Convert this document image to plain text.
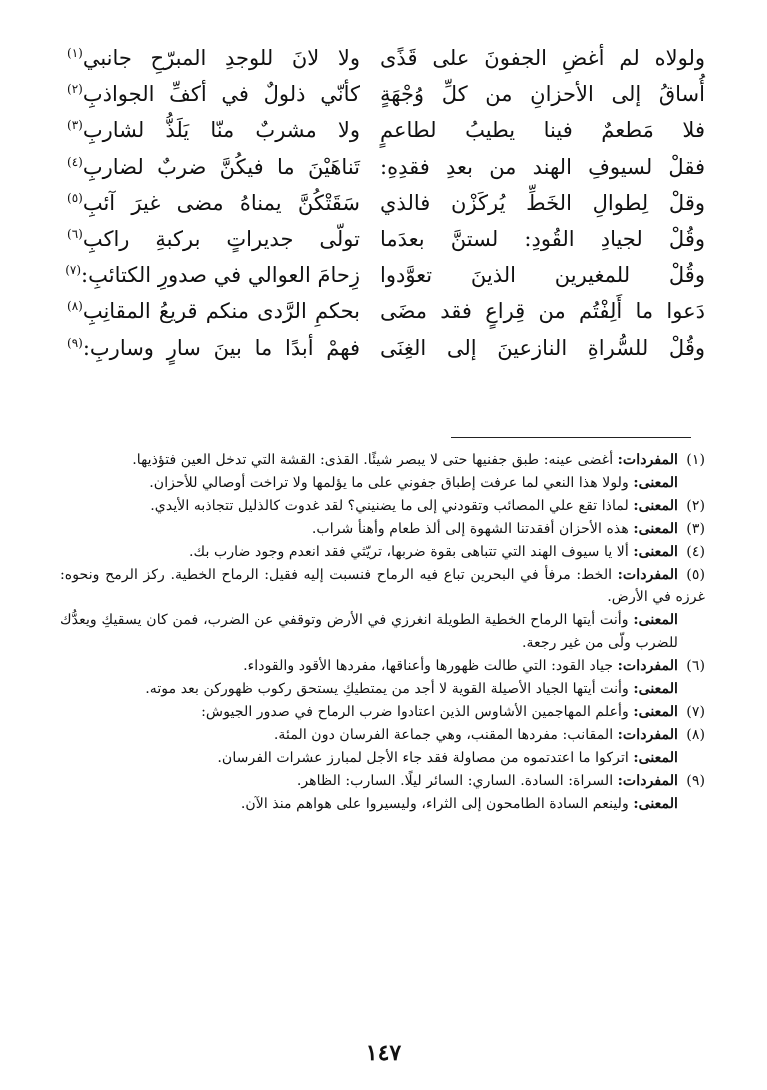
ولولاه لم أغضِ الجفونَ على قَذًى
ولا لانَ للوجدِ المبرّحِ جانبي$^{(١)}$
أُساقُ إلى الأحزانِ من كلِّ وُجْهَةٍ
كأنّي ذلولٌ في أكفِّ الجواذبِ$^{(٢)}$
فلا مَطعمٌ فينا يطيبُ لطاعمٍ
ولا مشربٌ منّا يَلَذُّ لشاربِ$^{(٣)}$
فقلْ لسيوفِ الهند من بعدِ فقدِهِ:
تَناهَيْنَ ما فيكُنَّ ضربٌ لضاربِ$^{(٤)}$
وقلْ لِطوالِ الخَطِّ يُركَزْن فالذي
سَقَتْكُنَّ يمناهُ مضى غيرَ آئبِ$^{(٥)}$
وقُلْ لجيادِ القُودِ: لستنَّ بعدَما
تولّى جديراتٍ بركبةِ راكبِ$^{(٦)}$
وقُلْ للمغيرين الذينَ تعوَّدوا
زِحامَ العوالي في صدورِ الكتائبِ:$^{(٧)}$
دَعوا ما أَلِفْتُم من قِراعٍ فقد مضَى
بحكمِ الرَّدى منكم قريعُ المقانِبِ$^{(٨)}$
وقُلْ للسُّراةِ النازعينَ إلى الغِنَى
فهمْ أبدًا ما بينَ سارٍ وساربِ:$^{(٩)}$

(١)المفردات: أغضى عينه: طبق جفنيها حتى لا يبصر شيئًا. القذى: القشة التي تدخل العين فتؤذيها.

المعنى: ولولا هذا النعي لما عرفت إطباق جفوني على ما يؤلمها ولا تراخت أوصالي للأحزان.

(٢)المعنى: لماذا تقع علي المصائب وتقودني إلى ما يضنيني؟ لقد غدوت كالذليل تتجاذبه الأيدي.

(٣)المعنى: هذه الأحزان أفقدتنا الشهوة إلى ألذ طعام وأهنأ شراب.

(٤)المعنى: ألا يا سيوف الهند التي تتباهى بقوة ضربها، تريّثي فقد انعدم وجود ضارب بك.

(٥)المفردات: الخط: مرفأ في البحرين تباع فيه الرماح فنسبت إليه فقيل: الرماح الخطية. ركز الرمح ونحوه: غرزه في الأرض.

المعنى: وأنت أيتها الرماح الخطية الطويلة انغرزي في الأرض وتوقفي عن الضرب، فمن كان يسقيكِ ويعدُّك للضرب ولّى من غير رجعة.

(٦)المفردات: جياد القود: التي طالت ظهورها وأعناقها، مفردها الأقود والقوداء.

المعنى: وأنت أيتها الجياد الأصيلة القوية لا أجد من يمتطيكِ يستحق ركوب ظهوركن بعد موته.

(٧)المعنى: وأعلم المهاجمين الأشاوس الذين اعتادوا ضرب الرماح في صدور الجيوش:

(٨)المفردات: المقانب: مفردها المقنب، وهي جماعة الفرسان دون المئة.

المعنى: اتركوا ما اعتدتموه من مصاولة فقد جاء الأجل لمبارز عشرات الفرسان.

(٩)المفردات: السراة: السادة. الساري: السائر ليلًا. السارب: الظاهر.

المعنى: ولينعم السادة الطامحون إلى الثراء، وليسيروا على هواهم منذ الآن.

١٤٧
